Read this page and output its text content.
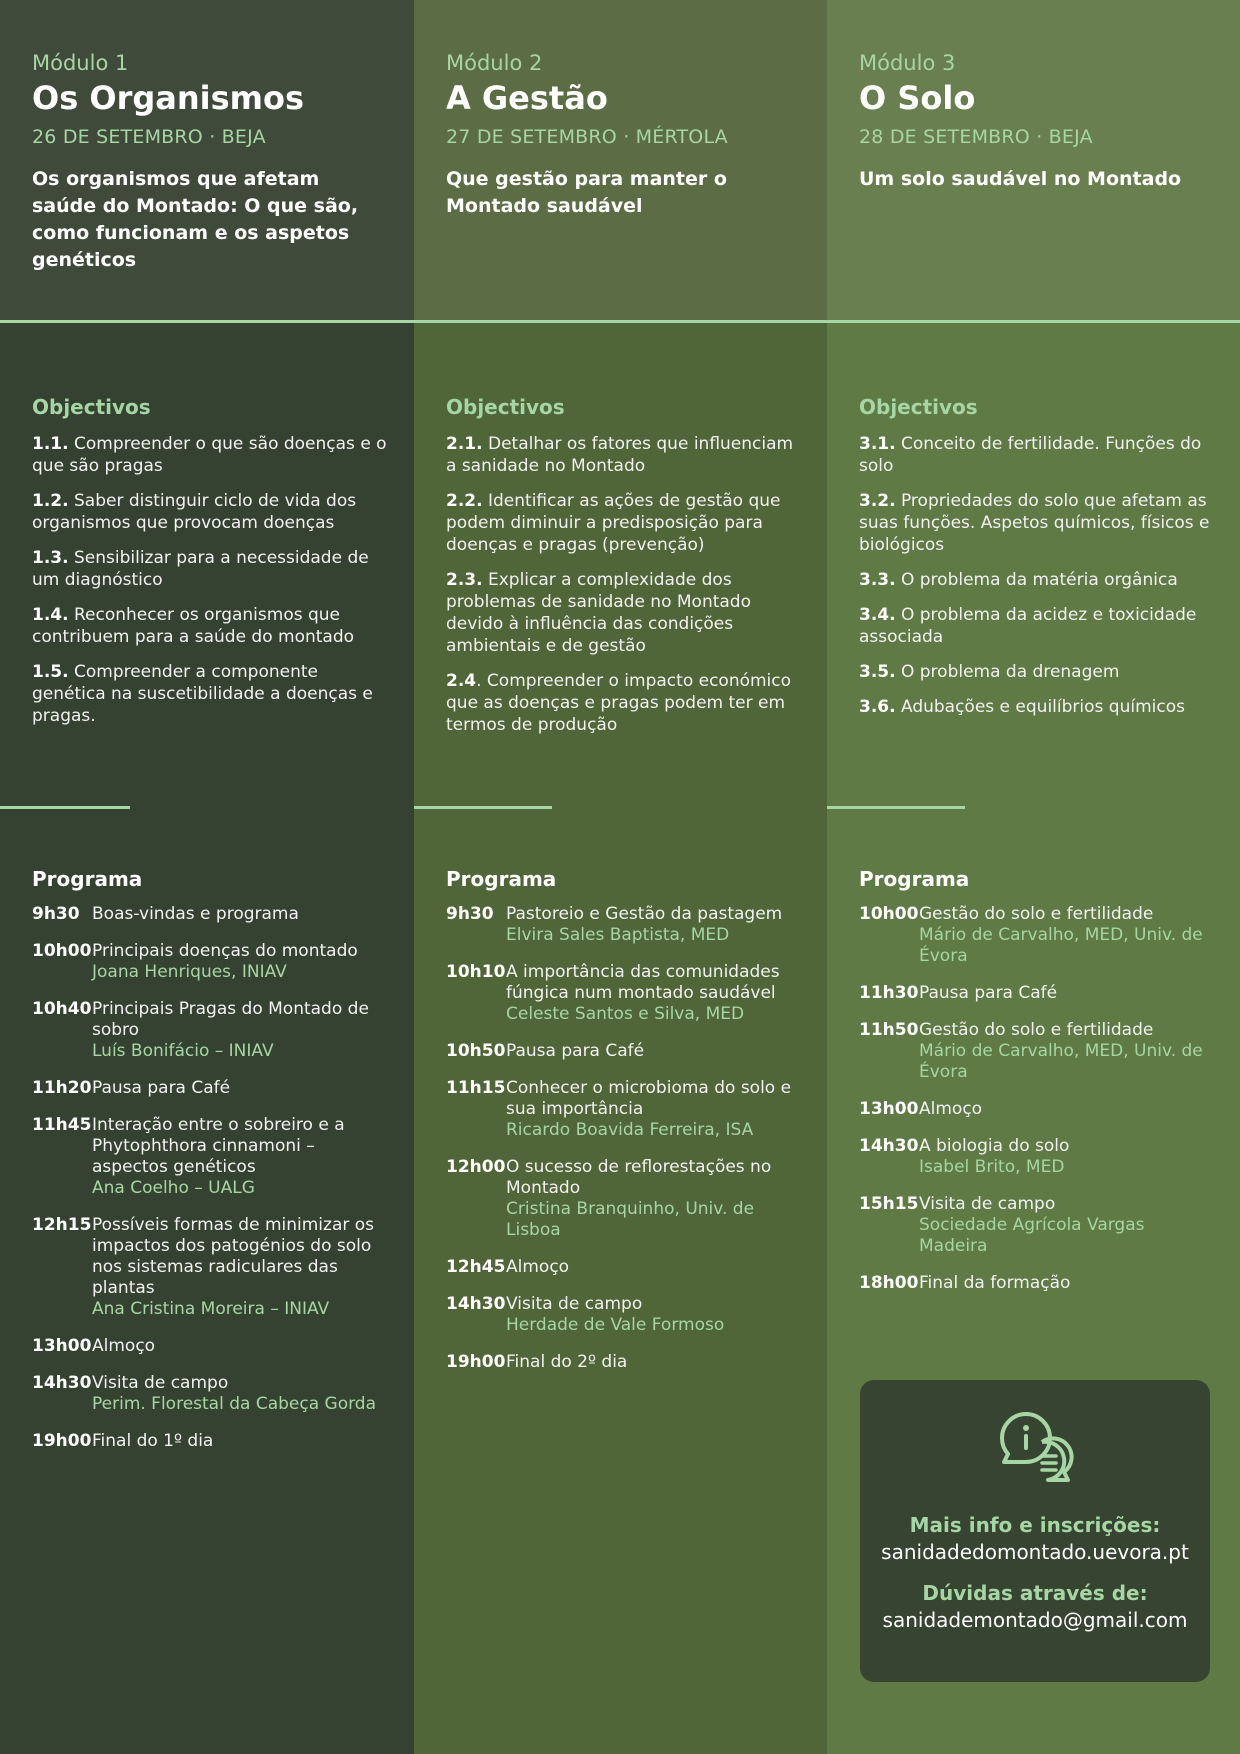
Módulo 1
Os Organismos
26 DE SETEMBRO · BEJA
Os organismos que afetam saúde do Montado: O que são, como funcionam e os aspetos genéticos
Objectivos
1.1. Compreender o que são doenças e o que são pragas
1.2. Saber distinguir ciclo de vida dos organismos que provocam doenças
1.3. Sensibilizar para a necessidade de um diagnóstico
1.4. Reconhecer os organismos que contribuem para a saúde do montado
1.5. Compreender a componente genética na suscetibilidade a doenças e pragas.
Programa
9h30 Boas-vindas e programa
10h00 Principais doenças do montado
Joana Henriques, INIAV
10h40 Principais Pragas do Montado de sobro
Luís Bonifácio – INIAV
11h20 Pausa para Café
11h45 Interação entre o sobreiro e a Phytophthora cinnamoni – aspectos genéticos
Ana Coelho – UALG
12h15 Possíveis formas de minimizar os impactos dos patogénios do solo nos sistemas radiculares das plantas
Ana Cristina Moreira – INIAV
13h00 Almoço
14h30 Visita de campo
Perim. Florestal da Cabeça Gorda
19h00 Final do 1º dia
Módulo 2
A Gestão
27 DE SETEMBRO · MÉRTOLA
Que gestão para manter o Montado saudável
Objectivos
2.1. Detalhar os fatores que influenciam a sanidade no Montado
2.2. Identificar as ações de gestão que podem diminuir a predisposição para doenças e pragas (prevenção)
2.3. Explicar a complexidade dos problemas de sanidade no Montado devido à influência das condições ambientais e de gestão
2.4. Compreender o impacto económico que as doenças e pragas podem ter em termos de produção
Programa
9h30 Pastoreio e Gestão da pastagem
Elvira Sales Baptista, MED
10h10 A importância das comunidades fúngica num montado saudável
Celeste Santos e Silva, MED
10h50 Pausa para Café
11h15 Conhecer o microbioma do solo e sua importância
Ricardo Boavida Ferreira, ISA
12h00 O sucesso de reflorestações no Montado
Cristina Branquinho, Univ. de Lisboa
12h45 Almoço
14h30 Visita de campo
Herdade de Vale Formoso
19h00 Final do 2º dia
Módulo 3
O Solo
28 DE SETEMBRO · BEJA
Um solo saudável no Montado
Objectivos
3.1. Conceito de fertilidade. Funções do solo
3.2. Propriedades do solo que afetam as suas funções. Aspetos químicos, físicos e biológicos
3.3. O problema da matéria orgânica
3.4. O problema da acidez e toxicidade associada
3.5. O problema da drenagem
3.6. Adubações e equilíbrios químicos
Programa
10h00 Gestão do solo e fertilidade
Mário de Carvalho, MED, Univ. de Évora
11h30 Pausa para Café
11h50 Gestão do solo e fertilidade
Mário de Carvalho, MED, Univ. de Évora
13h00 Almoço
14h30 A biologia do solo
Isabel Brito, MED
15h15 Visita de campo
Sociedade Agrícola Vargas Madeira
18h00 Final da formação
Mais info e inscrições:
sanidadedomontado.uevora.pt
Dúvidas através de:
sanidademontado@gmail.com
